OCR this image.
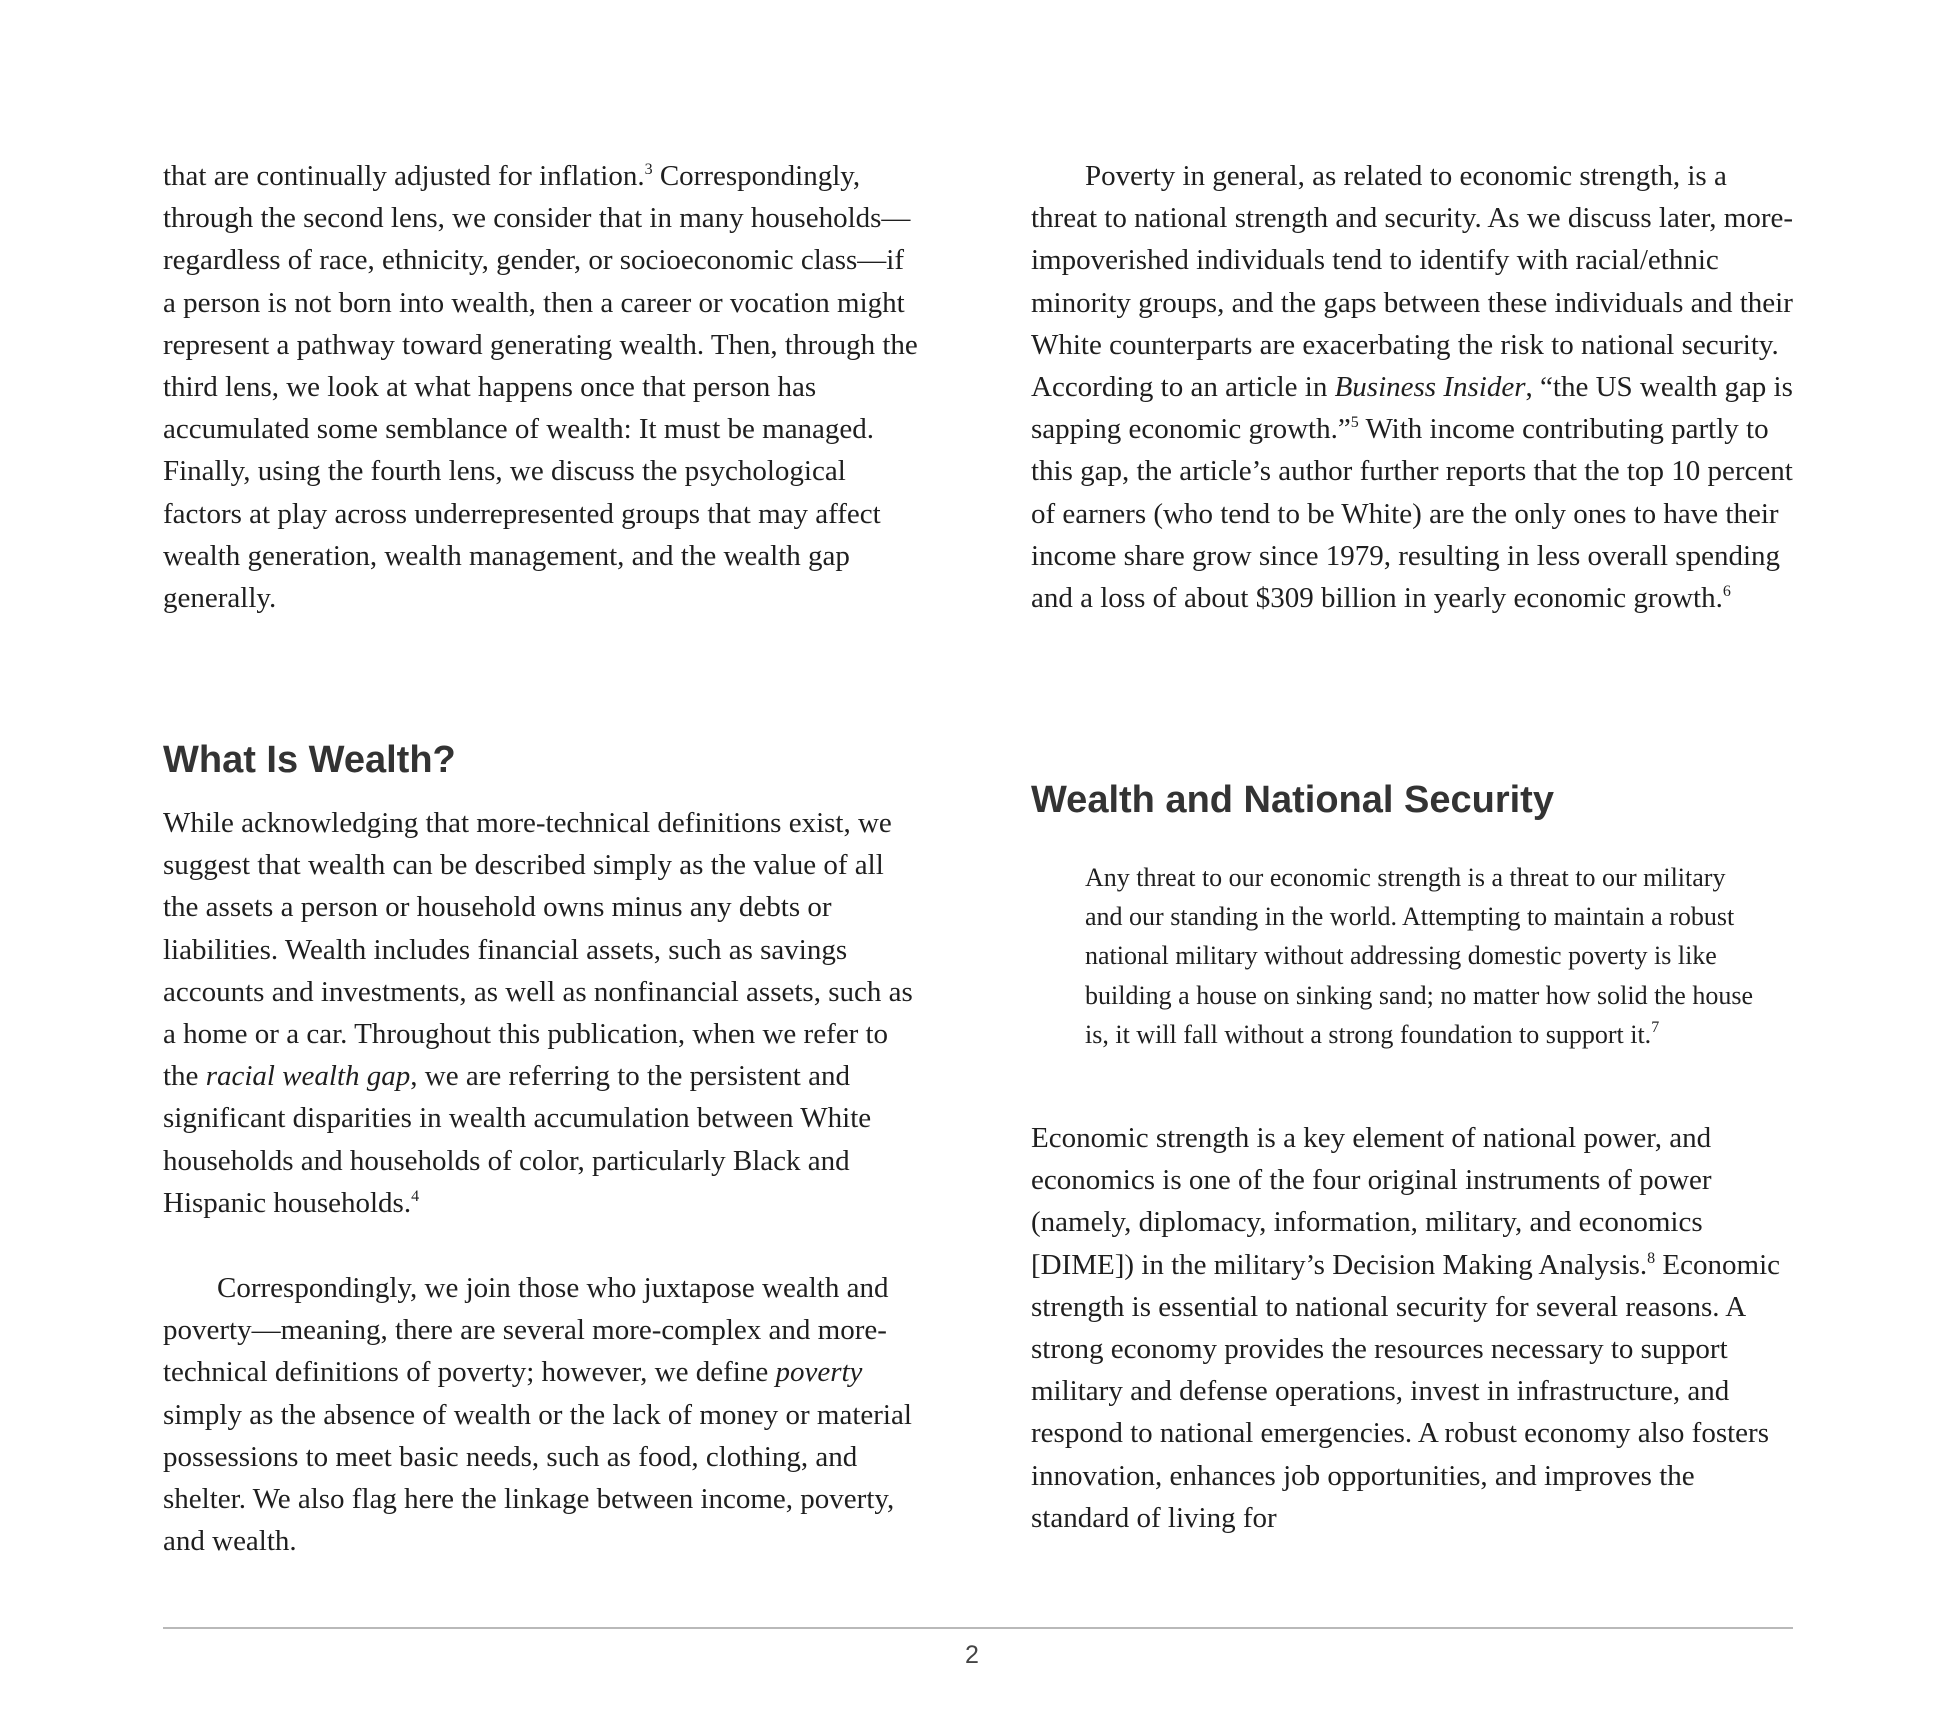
that are continually adjusted for inflation.$^3$ Correspondingly, through the second lens, we consider that in many households—regardless of race, ethnicity, gender, or socioeconomic class—if a person is not born into wealth, then a career or vocation might represent a pathway toward generating wealth. Then, through the third lens, we look at what happens once that person has accumulated some semblance of wealth: It must be managed. Finally, using the fourth lens, we discuss the psychological factors at play across underrepresented groups that may affect wealth generation, wealth management, and the wealth gap generally.

What Is Wealth?

While acknowledging that more-technical definitions exist, we suggest that wealth can be described simply as the value of all the assets a person or household owns minus any debts or liabilities. Wealth includes financial assets, such as savings accounts and investments, as well as nonfinancial assets, such as a home or a car. Throughout this publication, when we refer to the racial wealth gap, we are referring to the persistent and significant disparities in wealth accumulation between White households and households of color, particularly Black and Hispanic households.$^4$

Correspondingly, we join those who juxtapose wealth and poverty—meaning, there are several more-complex and more-technical definitions of poverty; however, we define poverty simply as the absence of wealth or the lack of money or material possessions to meet basic needs, such as food, clothing, and shelter. We also flag here the linkage between income, poverty, and wealth.

Poverty in general, as related to economic strength, is a threat to national strength and security. As we discuss later, more-impoverished individuals tend to identify with racial/ethnic minority groups, and the gaps between these individuals and their White counterparts are exacerbating the risk to national security. According to an article in Business Insider, “the US wealth gap is sapping economic growth.”$^5$ With income contributing partly to this gap, the article’s author further reports that the top 10 percent of earners (who tend to be White) are the only ones to have their income share grow since 1979, resulting in less overall spending and a loss of about $309 billion in yearly economic growth.$^6$

Wealth and National Security

Any threat to our economic strength is a threat to our military and our standing in the world. Attempting to maintain a robust national military without addressing domestic poverty is like building a house on sinking sand; no matter how solid the house is, it will fall without a strong foundation to support it.$^7$

Economic strength is a key element of national power, and economics is one of the four original instruments of power (namely, diplomacy, information, military, and economics [DIME]) in the military’s Decision Making Analysis.$^8$ Economic strength is essential to national security for several reasons. A strong economy provides the resources necessary to support military and defense operations, invest in infrastructure, and respond to national emergencies. A robust economy also fosters innovation, enhances job opportunities, and improves the standard of living for

2
